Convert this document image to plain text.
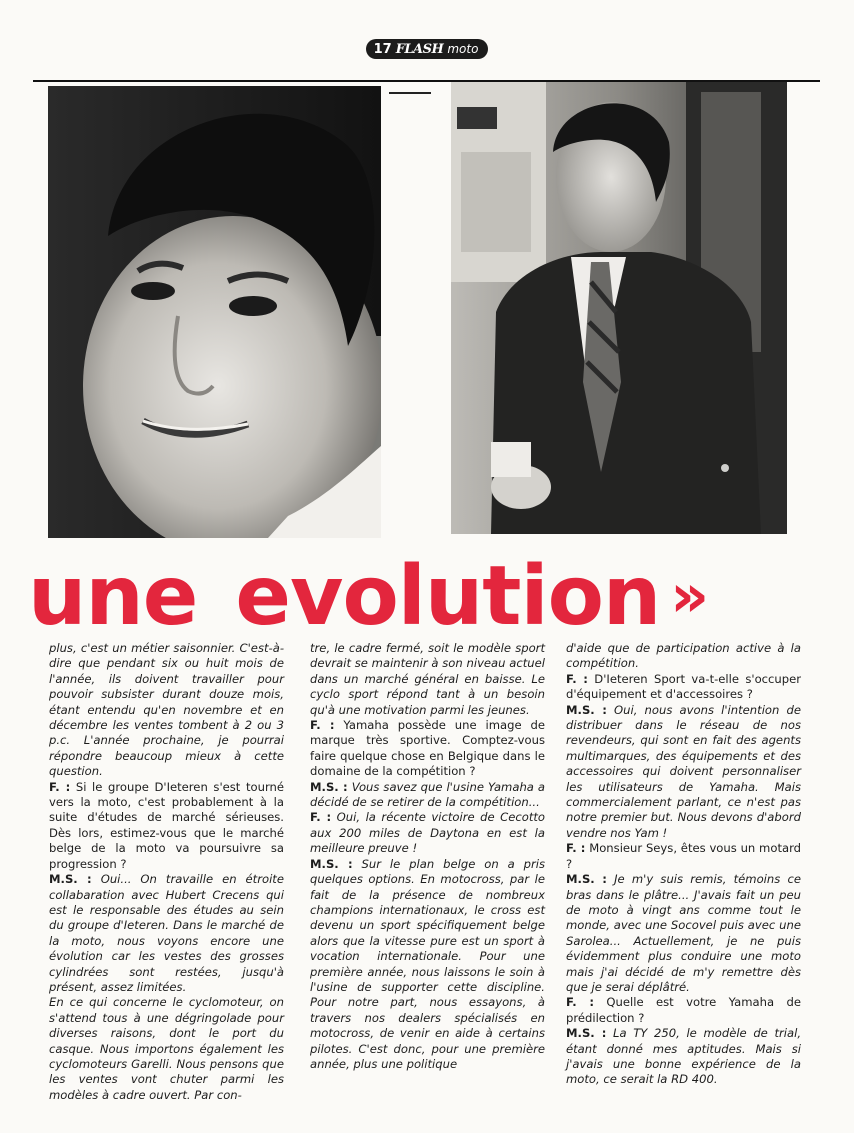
17 FLASH moto
une evolution »

plus, c'est un métier saisonnier. C'est-à-dire que pendant six ou huit mois de l'année, ils doivent travailler pour pouvoir subsister durant douze mois, étant entendu qu'en novembre et en décembre les ventes tombent à 2 ou 3 p.c. L'année prochaine, je pourrai répondre beaucoup mieux à cette question.

F. : Si le groupe D'Ieteren s'est tourné vers la moto, c'est probablement à la suite d'études de marché sérieuses. Dès lors, estimez-vous que le marché belge de la moto va poursuivre sa progression ?

M.S. : Oui... On travaille en étroite collabaration avec Hubert Crecens qui est le responsable des études au sein du groupe d'Ieteren. Dans le marché de la moto, nous voyons encore une évolution car les vestes des grosses cylindrées sont restées, jusqu'à présent, assez limitées.

En ce qui concerne le cyclomoteur, on s'attend tous à une dégringolade pour diverses raisons, dont le port du casque. Nous importons également les cyclomoteurs Garelli. Nous pensons que les ventes vont chuter parmi les modèles à cadre ouvert. Par con-

tre, le cadre fermé, soit le modèle sport devrait se maintenir à son niveau actuel dans un marché général en baisse. Le cyclo sport répond tant à un besoin qu'à une motivation parmi les jeunes.

F. : Yamaha possède une image de marque très sportive. Comptez-vous faire quelque chose en Belgique dans le domaine de la compétition ?

M.S. : Vous savez que l'usine Yamaha a décidé de se retirer de la compétition...

F. : Oui, la récente victoire de Cecotto aux 200 miles de Daytona en est la meilleure preuve !

M.S. : Sur le plan belge on a pris quelques options. En motocross, par le fait de la présence de nombreux champions internationaux, le cross est devenu un sport spécifiquement belge alors que la vitesse pure est un sport à vocation internationale. Pour une première année, nous laissons le soin à l'usine de supporter cette discipline. Pour notre part, nous essayons, à travers nos dealers spécialisés en motocross, de venir en aide à certains pilotes. C'est donc, pour une première année, plus une politique

d'aide que de participation active à la compétition.

F. : D'Ieteren Sport va-t-elle s'occuper d'équipement et d'accessoires ?

M.S. : Oui, nous avons l'intention de distribuer dans le réseau de nos revendeurs, qui sont en fait des agents multimarques, des équipements et des accessoires qui doivent personnaliser les utilisateurs de Yamaha. Mais commercialement parlant, ce n'est pas notre premier but. Nous devons d'abord vendre nos Yam !

F. : Monsieur Seys, êtes vous un motard ?

M.S. : Je m'y suis remis, témoins ce bras dans le plâtre... J'avais fait un peu de moto à vingt ans comme tout le monde, avec une Socovel puis avec une Sarolea... Actuellement, je ne puis évidemment plus conduire une moto mais j'ai décidé de m'y remettre dès que je serai déplâtré.

F. : Quelle est votre Yamaha de prédilection ?

M.S. : La TY 250, le modèle de trial, étant donné mes aptitudes. Mais si j'avais une bonne expérience de la moto, ce serait la RD 400.
